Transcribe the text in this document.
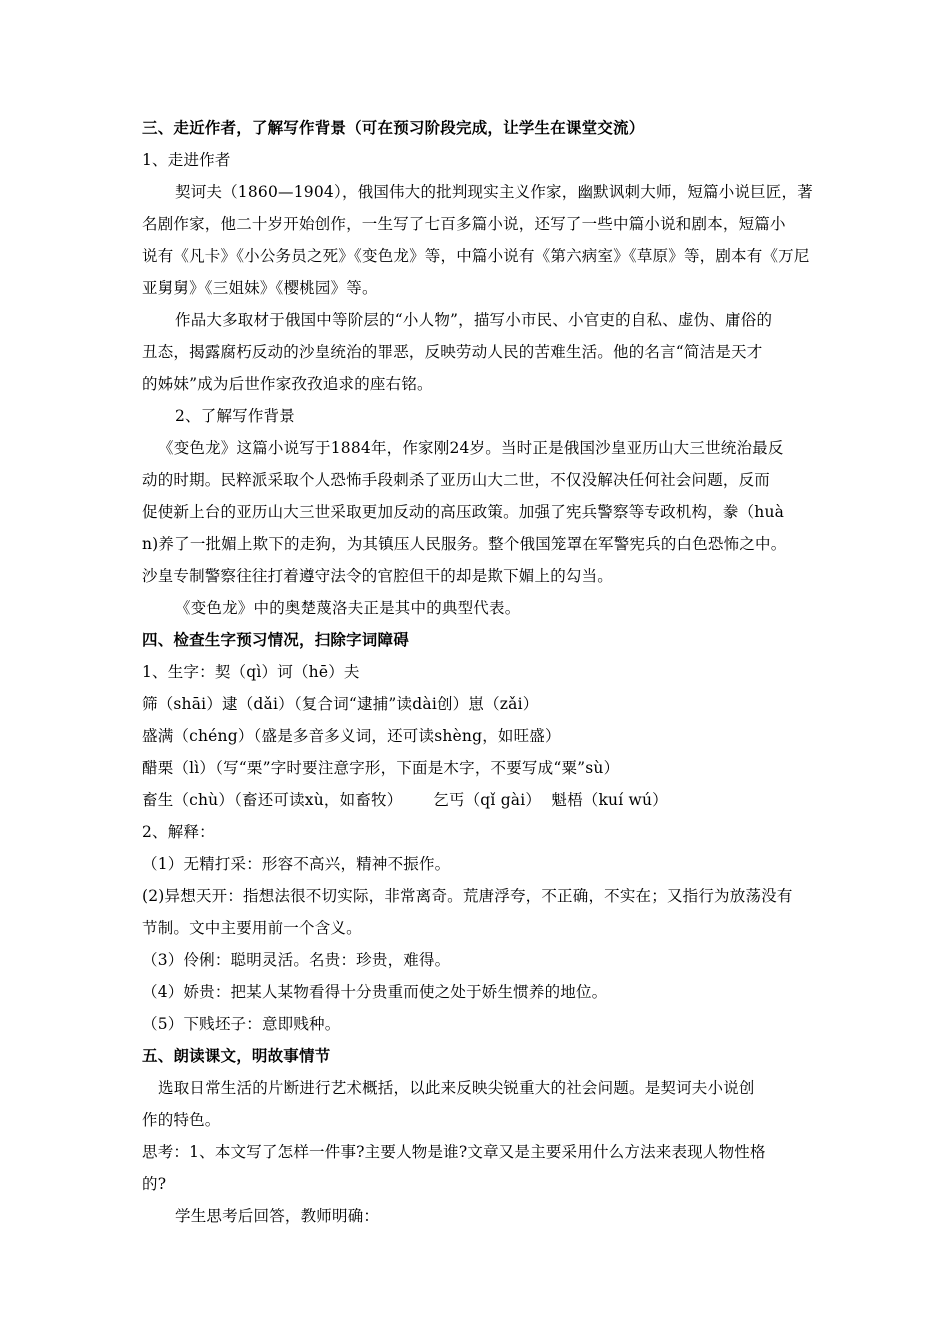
三、走近作者，了解写作背景（可在预习阶段完成，让学生在课堂交流）
1、走进作者
契诃夫（1860—1904），俄国伟大的批判现实主义作家，幽默讽刺大师，短篇小说巨匠，著
名剧作家，他二十岁开始创作，一生写了七百多篇小说，还写了一些中篇小说和剧本，短篇小
说有《凡卡》《小公务员之死》《变色龙》等，中篇小说有《第六病室》《草原》等，剧本有《万尼
亚舅舅》《三姐妹》《樱桃园》等。
作品大多取材于俄国中等阶层的“小人物”，描写小市民、小官吏的自私、虚伪、庸俗的
丑态，揭露腐朽反动的沙皇统治的罪恶，反映劳动人民的苦难生活。他的名言“简洁是天才
的姊妹”成为后世作家孜孜追求的座右铭。
2、了解写作背景
《变色龙》这篇小说写于1884年，作家刚24岁。当时正是俄国沙皇亚历山大三世统治最反
动的时期。民粹派采取个人恐怖手段刺杀了亚历山大二世，不仅没解决任何社会问题，反而
促使新上台的亚历山大三世采取更加反动的高压政策。加强了宪兵警察等专政机构，豢（huà
n)养了一批媚上欺下的走狗，为其镇压人民服务。整个俄国笼罩在军警宪兵的白色恐怖之中。
沙皇专制警察往往打着遵守法令的官腔但干的却是欺下媚上的勾当。
《变色龙》中的奥楚蔑洛夫正是其中的典型代表。
四、检查生字预习情况，扫除字词障碍
1、生字：契（qì）诃（hē）夫
筛（shāi）逮（dǎi）（复合词“逮捕”读dài创）崽（zǎi）
盛满（chéng）（盛是多音多义词，还可读shèng，如旺盛）
醋栗（lì）（写“栗”字时要注意字形，下面是木字，不要写成“粟”sù）
畜生（chù）（畜还可读xù，如畜牧）      乞丐（qǐ gài）  魁梧（kuí wú）
2、解释：
（1）无精打采：形容不高兴，精神不振作。
(2)异想天开：指想法很不切实际，非常离奇。荒唐浮夸，不正确，不实在；又指行为放荡没有
节制。文中主要用前一个含义。
（3）伶俐：聪明灵活。名贵：珍贵，难得。
（4）娇贵：把某人某物看得十分贵重而使之处于娇生惯养的地位。
（5）下贱坯子：意即贱种。
五、朗读课文，明故事情节
选取日常生活的片断进行艺术概括，以此来反映尖锐重大的社会问题。是契诃夫小说创
作的特色。
思考：1、本文写了怎样一件事?主要人物是谁?文章又是主要采用什么方法来表现人物性格
的?
学生思考后回答，教师明确：
